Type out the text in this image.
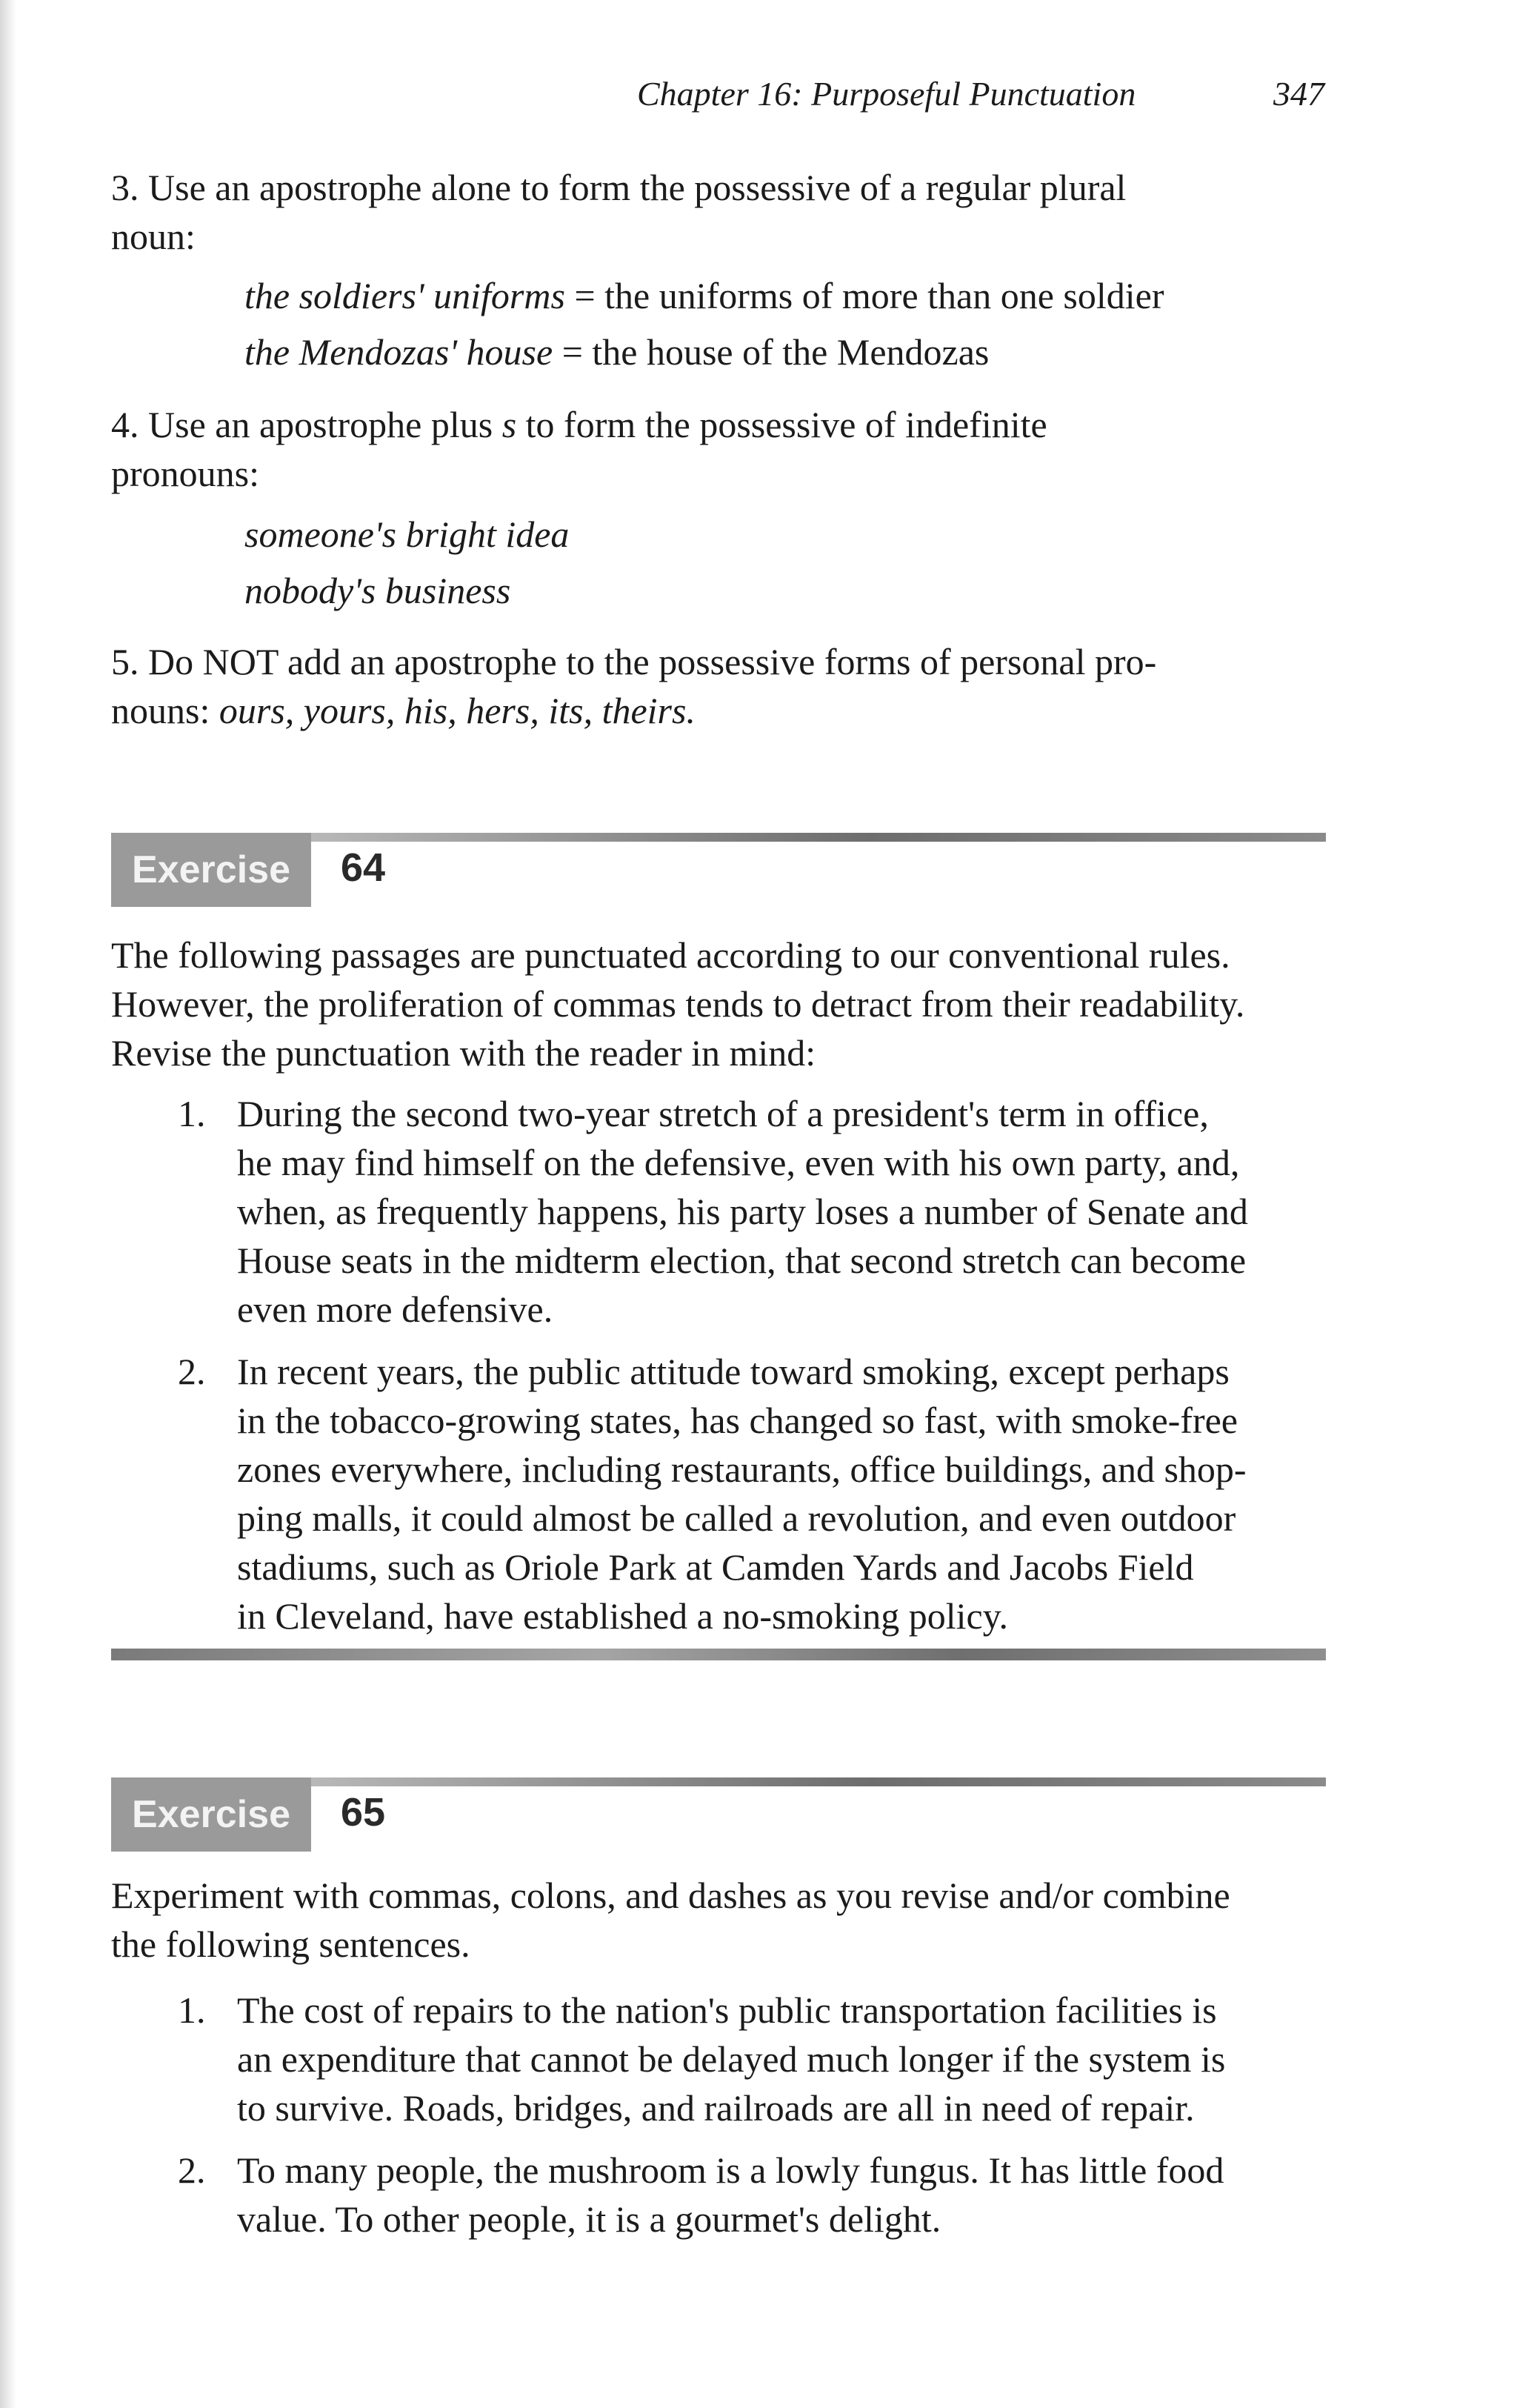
Chapter 16: Purposeful Punctuation	347
3. Use an apostrophe alone to form the possessive of a regular plural
noun:
the soldiers' uniforms = the uniforms of more than one soldier
the Mendozas' house = the house of the Mendozas
4. Use an apostrophe plus s to form the possessive of indefinite
pronouns:
someone's bright idea
nobody's business
5. Do NOT add an apostrophe to the possessive forms of personal pro-
nouns: ours, yours, his, hers, its, theirs.
Exercise	64
The following passages are punctuated according to our conventional rules.
However, the proliferation of commas tends to detract from their readability.
Revise the punctuation with the reader in mind:
1. During the second two-year stretch of a president's term in office,
he may find himself on the defensive, even with his own party, and,
when, as frequently happens, his party loses a number of Senate and
House seats in the midterm election, that second stretch can become
even more defensive.
2. In recent years, the public attitude toward smoking, except perhaps
in the tobacco-growing states, has changed so fast, with smoke-free
zones everywhere, including restaurants, office buildings, and shop-
ping malls, it could almost be called a revolution, and even outdoor
stadiums, such as Oriole Park at Camden Yards and Jacobs Field
in Cleveland, have established a no-smoking policy.
Exercise	65
Experiment with commas, colons, and dashes as you revise and/or combine
the following sentences.
1. The cost of repairs to the nation's public transportation facilities is
an expenditure that cannot be delayed much longer if the system is
to survive. Roads, bridges, and railroads are all in need of repair.
2. To many people, the mushroom is a lowly fungus. It has little food
value. To other people, it is a gourmet's delight.
